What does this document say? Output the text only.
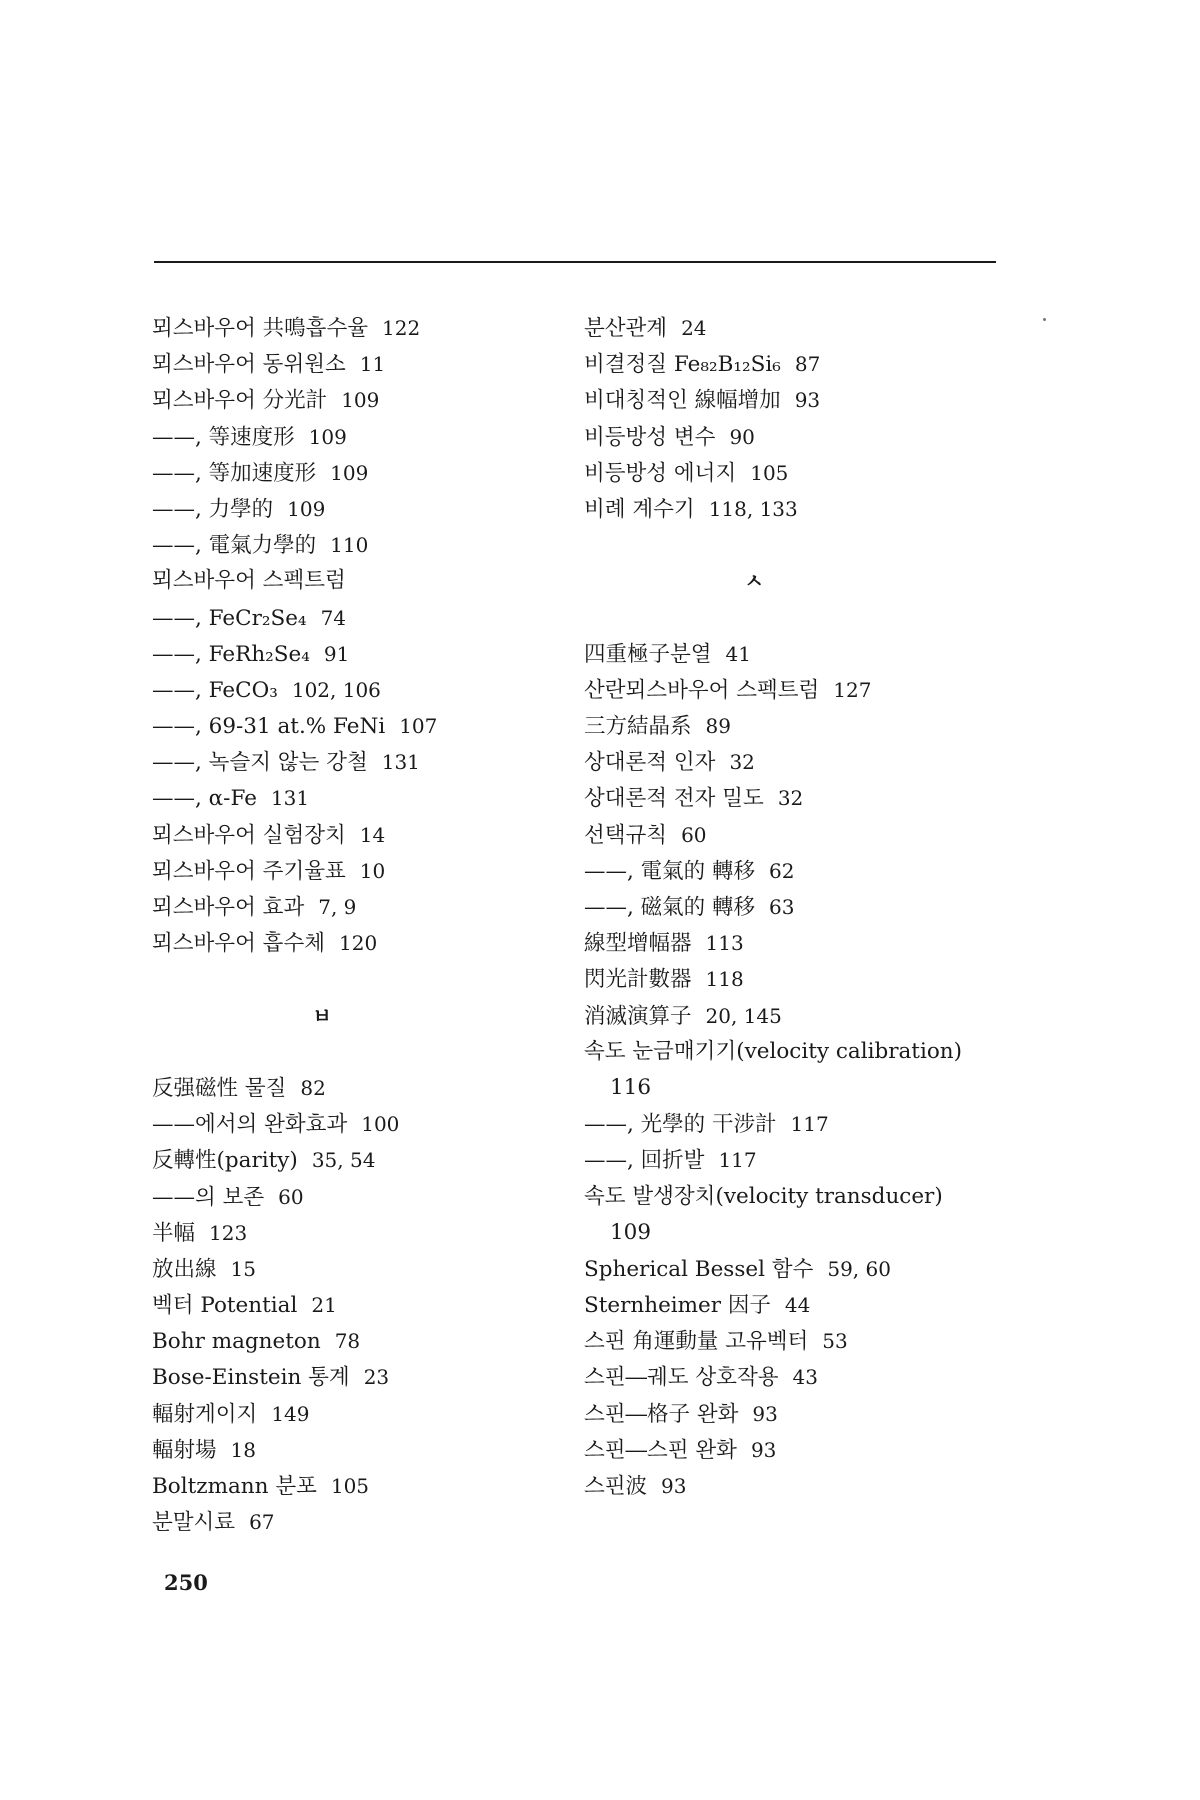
뫼스바우어 共鳴흡수율 122
뫼스바우어 동위원소 11
뫼스바우어 分光計 109
——, 等速度形 109
——, 等加速度形 109
——, 力學的 109
——, 電氣力學的 110
뫼스바우어 스펙트럼
——, FeCr₂Se₄ 74
——, FeRh₂Se₄ 91
——, FeCO₃ 102, 106
——, 69-31 at.% FeNi 107
——, 녹슬지 않는 강철 131
——, α-Fe 131
뫼스바우어 실험장치 14
뫼스바우어 주기율표 10
뫼스바우어 효과 7, 9
뫼스바우어 흡수체 120
ㅂ
反强磁性 물질 82
——에서의 완화효과 100
反轉性(parity) 35, 54
——의 보존 60
半幅 123
放出線 15
벡터 Potential 21
Bohr magneton 78
Bose-Einstein 통계 23
輻射게이지 149
輻射場 18
Boltzmann 분포 105
분말시료 67
분산관계 24
비결정질 Fe₈₂B₁₂Si₆ 87
비대칭적인 線幅增加 93
비등방성 변수 90
비등방성 에너지 105
비례 계수기 118, 133
ㅅ
四重極子분열 41
산란뫼스바우어 스펙트럼 127
三方結晶系 89
상대론적 인자 32
상대론적 전자 밀도 32
선택규칙 60
——, 電氣的 轉移 62
——, 磁氣的 轉移 63
線型增幅器 113
閃光計數器 118
消滅演算子 20, 145
속도 눈금매기기(velocity calibration)
116
——, 光學的 干涉計 117
——, 回折발 117
속도 발생장치(velocity transducer)
109
Spherical Bessel 함수 59, 60
Sternheimer 因子 44
스핀 角運動量 고유벡터 53
스핀―궤도 상호작용 43
스핀―格子 완화 93
스핀―스핀 완화 93
스핀波 93
250
